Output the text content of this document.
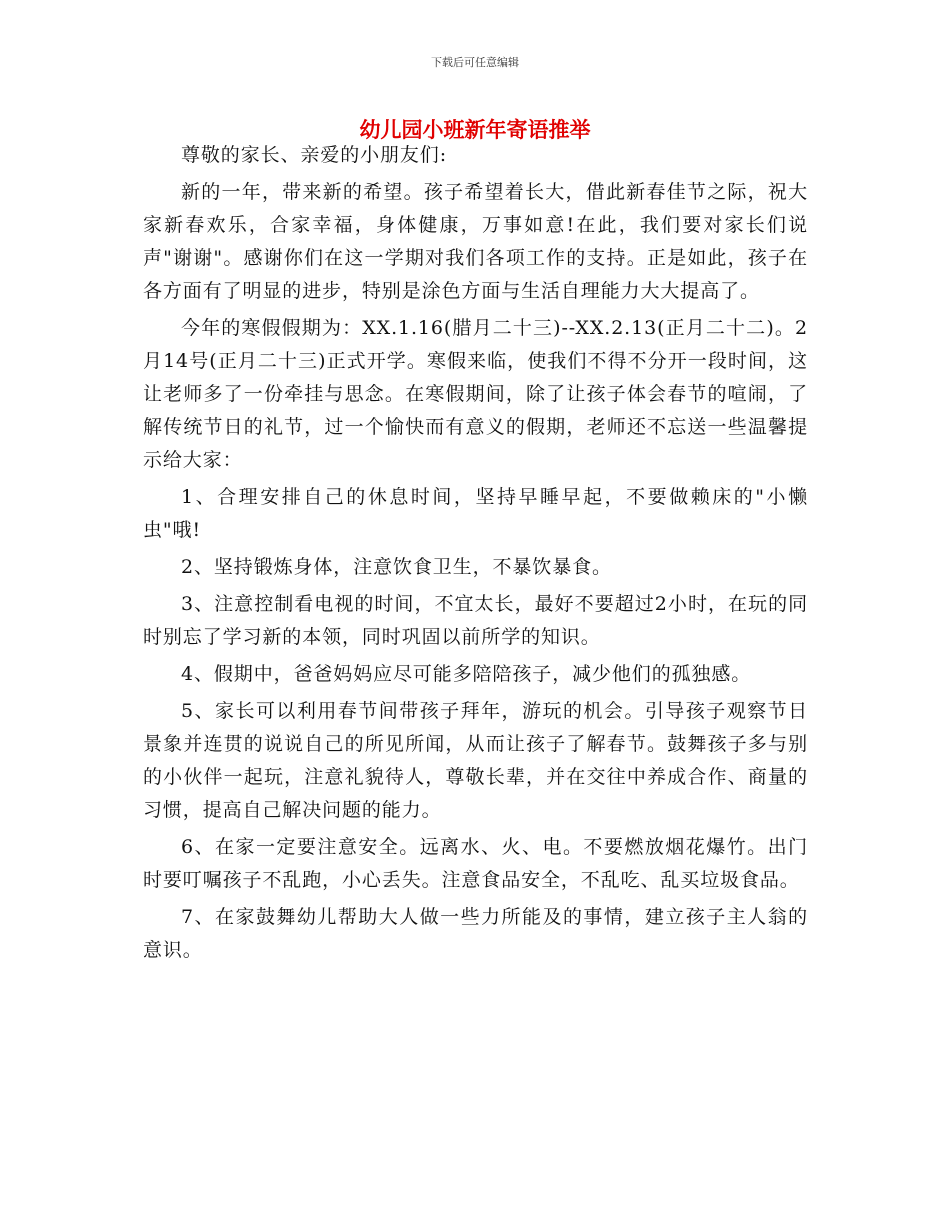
下载后可任意编辑
幼儿园小班新年寄语推举

尊敬的家长、亲爱的小朋友们:

新的一年，带来新的希望。孩子希望着长大，借此新春佳节之际，祝大家新春欢乐，合家幸福，身体健康，万事如意!在此，我们要对家长们说声"谢谢"。感谢你们在这一学期对我们各项工作的支持。正是如此，孩子在各方面有了明显的进步，特别是涂色方面与生活自理能力大大提高了。

今年的寒假假期为：XX.1.16(腊月二十三)--XX.2.13(正月二十二)。2月14号(正月二十三)正式开学。寒假来临，使我们不得不分开一段时间，这让老师多了一份牵挂与思念。在寒假期间，除了让孩子体会春节的喧闹，了解传统节日的礼节，过一个愉快而有意义的假期，老师还不忘送一些温馨提示给大家：

1、合理安排自己的休息时间，坚持早睡早起，不要做赖床的"小懒虫"哦!

2、坚持锻炼身体，注意饮食卫生，不暴饮暴食。

3、注意控制看电视的时间，不宜太长，最好不要超过2小时，在玩的同时别忘了学习新的本领，同时巩固以前所学的知识。

4、假期中，爸爸妈妈应尽可能多陪陪孩子，减少他们的孤独感。

5、家长可以利用春节间带孩子拜年，游玩的机会。引导孩子观察节日景象并连贯的说说自己的所见所闻，从而让孩子了解春节。鼓舞孩子多与别的小伙伴一起玩，注意礼貌待人，尊敬长辈，并在交往中养成合作、商量的习惯，提高自己解决问题的能力。

6、在家一定要注意安全。远离水、火、电。不要燃放烟花爆竹。出门时要叮嘱孩子不乱跑，小心丢失。注意食品安全，不乱吃、乱买垃圾食品。

7、在家鼓舞幼儿帮助大人做一些力所能及的事情，建立孩子主人翁的意识。
